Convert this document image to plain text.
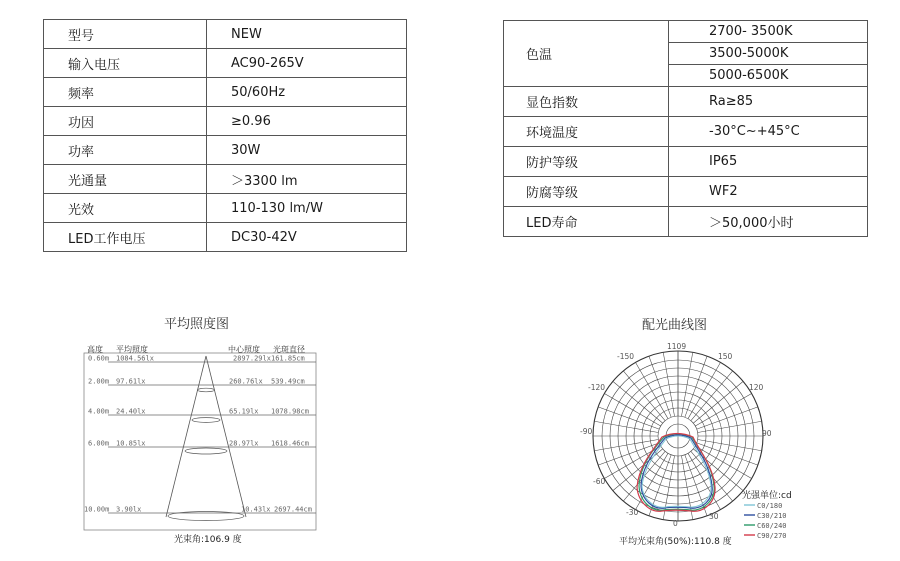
型号	NEW
输入电压	AC90-265V
频率	50/60Hz
功因	≥0.96
功率	30W
光通量	＞3300 lm
光效	110-130 lm/W
LED工作电压	DC30-42V
色温	2700- 3500K
	3500-5000K
	5000-6500K
显色指数	Ra≥85
环境温度	-30°C~+45°C
防护等级	IP65
防腐等级	WF2
LED寿命	＞50,000小时
平均照度图	配光曲线图
高度 平均照度	中心照度 光斑直径
0.60m 1084.56lx	2897.29lx 161.85cm
2.00m 97.61lx	260.76lx 539.49cm
4.00m 24.40lx	65.19lx 1078.98cm
6.00m 10.85lx	28.97lx 1618.46cm
10.00m 3.90lx	10.43lx 2697.44cm
光束角:106.9 度
1109
-150	150
-120	120
-90	90
-60
-30	30
0
光强单位:cd
C0/180
C30/210
C60/240
C90/270
平均光束角(50%):110.8 度
